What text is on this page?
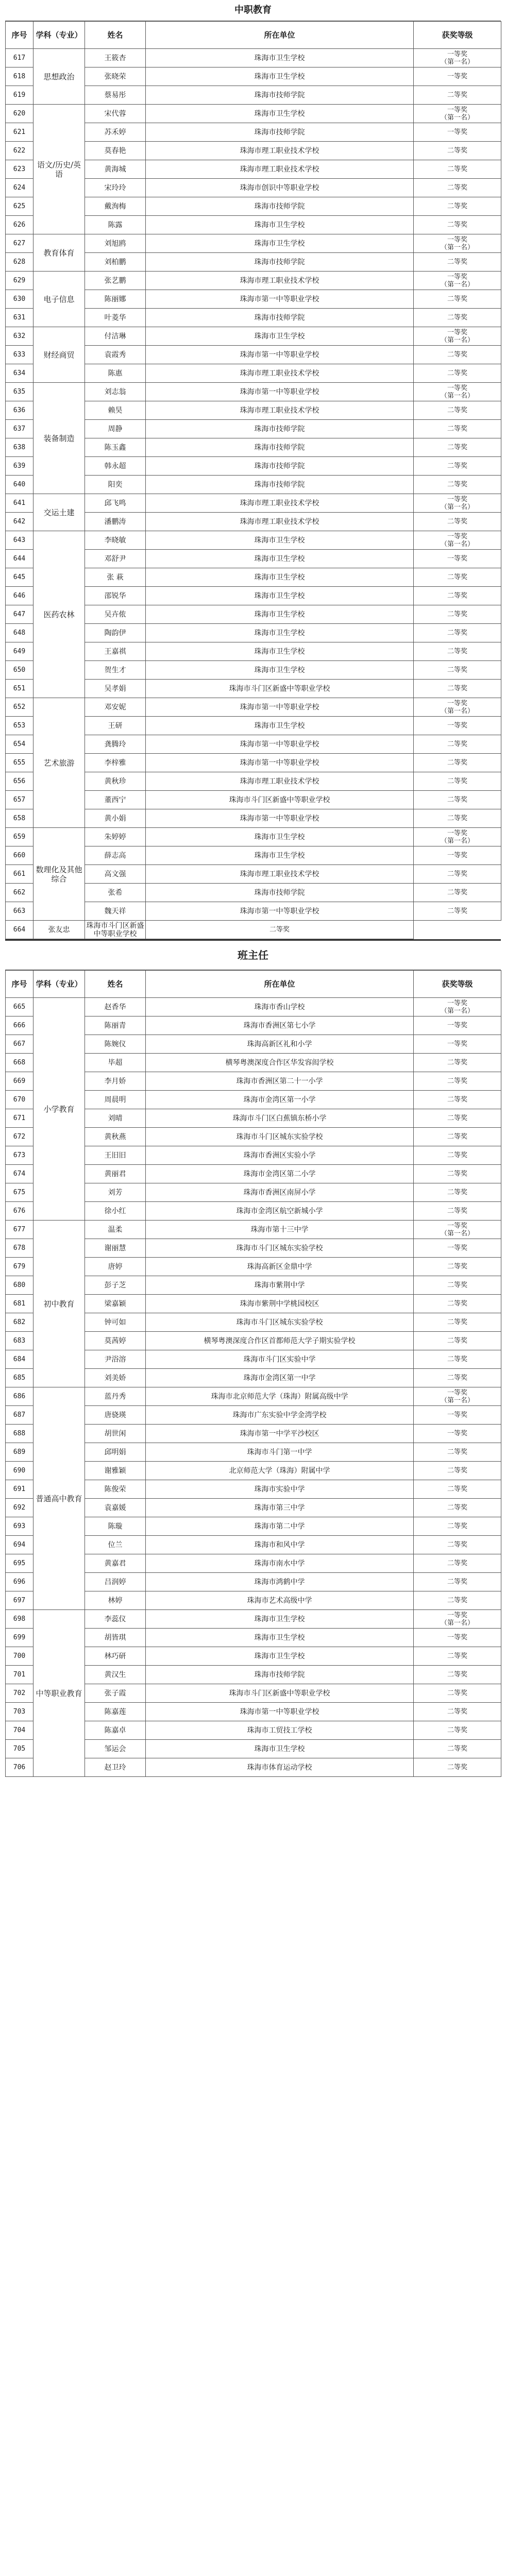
中职教育
序号	学科（专业）	姓名	所在单位	获奖等级
617	思想政治	王筱杏	珠海市卫生学校	一等奖
（第一名）
618		张晓荣	珠海市卫生学校	一等奖
619		蔡易彤	珠海市技师学院	二等奖
620	语文/历史/英语	宋代蓉	珠海市卫生学校	一等奖
（第一名）
621		苏禾婷	珠海市技师学院	一等奖
622		莫春艳	珠海市理工职业技术学校	二等奖
623		黄海城	珠海市理工职业技术学校	二等奖
624		宋玲玲	珠海市创识中等职业学校	二等奖
625		戴洵梅	珠海市技师学院	二等奖
626		陈露	珠海市卫生学校	二等奖
627	教育体育	刘旭鸥	珠海市卫生学校	一等奖
（第一名）
628		刘柏鹏	珠海市技师学院	二等奖
629	电子信息	张艺鹏	珠海市理工职业技术学校	一等奖
（第一名）
630		陈丽娜	珠海市第一中等职业学校	二等奖
631		叶菱华	珠海市技师学院	二等奖
632	财经商贸	付洁琳	珠海市卫生学校	一等奖
（第一名）
633		袁霞秀	珠海市第一中等职业学校	二等奖
634		陈惠	珠海市理工职业技术学校	二等奖
635	装备制造	刘志翁	珠海市第一中等职业学校	一等奖
（第一名）
636		赖昊	珠海市理工职业技术学校	二等奖
637		周静	珠海市技师学院	二等奖
638		陈玉鑫	珠海市技师学院	二等奖
639		韩永超	珠海市技师学院	二等奖
640		阳奕	珠海市技师学院	二等奖
641	交运土建	邱飞鸣	珠海市理工职业技术学校	一等奖
（第一名）
642		潘鹏涛	珠海市理工职业技术学校	二等奖
643	医药农林	李晓敏	珠海市卫生学校	一等奖
（第一名）
644		邓舒尹	珠海市卫生学校	一等奖
645		张 萩	珠海市卫生学校	二等奖
646		邵锐华	珠海市卫生学校	二等奖
647		吴卉侬	珠海市卫生学校	二等奖
648		陶韵伊	珠海市卫生学校	二等奖
649		王嘉祺	珠海市卫生学校	二等奖
650		贺生才	珠海市卫生学校	二等奖
651		吴孝娟	珠海市斗门区新盛中等职业学校	二等奖
652	艺术旅游	邓安妮	珠海市第一中等职业学校	一等奖
（第一名）
653		王研	珠海市卫生学校	一等奖
654		龚腾玲	珠海市第一中等职业学校	二等奖
655		李梓雅	珠海市第一中等职业学校	二等奖
656		黄秋珍	珠海市理工职业技术学校	二等奖
657		董西宁	珠海市斗门区新盛中等职业学校	二等奖
658		黄小娟	珠海市第一中等职业学校	二等奖
659	数理化及其他综合	朱婷婷	珠海市卫生学校	一等奖
（第一名）
660		薛志高	珠海市卫生学校	一等奖
661		高文强	珠海市理工职业技术学校	二等奖
662		张希	珠海市技师学院	二等奖
663		魏天祥	珠海市第一中等职业学校	二等奖
664	张友忠	珠海市斗门区新盛中等职业学校	二等奖	
班主任
序号	学科（专业）	姓名	所在单位	获奖等级
665	小学教育	赵香华	珠海市香山学校	一等奖
（第一名）
666		陈丽青	珠海市香洲区第七小学	一等奖
667		陈婉仪	珠海高新区礼和小学	一等奖
668		毕超	横琴粤澳深度合作区华发容闳学校	二等奖
669		李月娇	珠海市香洲区第二十一小学	二等奖
670		周晨明	珠海市金湾区第一小学	二等奖
671		刘晴	珠海市斗门区白蕉镇东桥小学	二等奖
672		黄秋燕	珠海市斗门区城东实验学校	二等奖
673		王旧旧	珠海市香洲区实验小学	二等奖
674		黄丽君	珠海市金湾区第二小学	二等奖
675		刘芳	珠海市香洲区南屏小学	二等奖
676		徐小红	珠海市金湾区航空新城小学	二等奖
677	初中教育	温柔	珠海市第十三中学	一等奖
（第一名）
678		谢丽慧	珠海市斗门区城东实验学校	一等奖
679		唐婷	珠海高新区金鼎中学	二等奖
680		彭子芝	珠海市紫荆中学	二等奖
681		梁嘉颖	珠海市紫荆中学桃园校区	二等奖
682		钟可如	珠海市斗门区城东实验学校	二等奖
683		莫茜婷	横琴粤澳深度合作区首都师范大学子期实验学校	二等奖
684		尹浴溶	珠海市斗门区实验中学	二等奖
685		刘美娇	珠海市金湾区第一中学	二等奖
686	普通高中教育	蓝丹秀	珠海市北京师范大学（珠海）附属高级中学	一等奖
（第一名）
687		唐骁瑛	珠海市广东实验中学金湾学校	一等奖
688		胡世闲	珠海市第一中学平沙校区	一等奖
689		邱明娟	珠海市斗门第一中学	二等奖
690		谢雅颖	北京师范大学（珠海）附属中学	二等奖
691		陈俊荣	珠海市实验中学	二等奖
692		袁嘉媛	珠海市第三中学	二等奖
693		陈璇	珠海市第二中学	二等奖
694		位兰	珠海市和风中学	二等奖
695		黄嘉君	珠海市南水中学	二等奖
696		吕润婷	珠海市鸿鹤中学	二等奖
697		林婷	珠海市艺术高级中学	二等奖
698	中等职业教育	李蕊仪	珠海市卫生学校	一等奖
（第一名）
699		胡皆琪	珠海市卫生学校	一等奖
700		林巧研	珠海市卫生学校	二等奖
701		黄汉生	珠海市技师学院	二等奖
702		张子霞	珠海市斗门区新盛中等职业学校	二等奖
703		陈嘉莲	珠海市第一中等职业学校	二等奖
704		陈嘉卓	珠海市工贸技工学校	二等奖
705		邹运会	珠海市卫生学校	二等奖
706		赵卫玲	珠海市体育运动学校	二等奖
